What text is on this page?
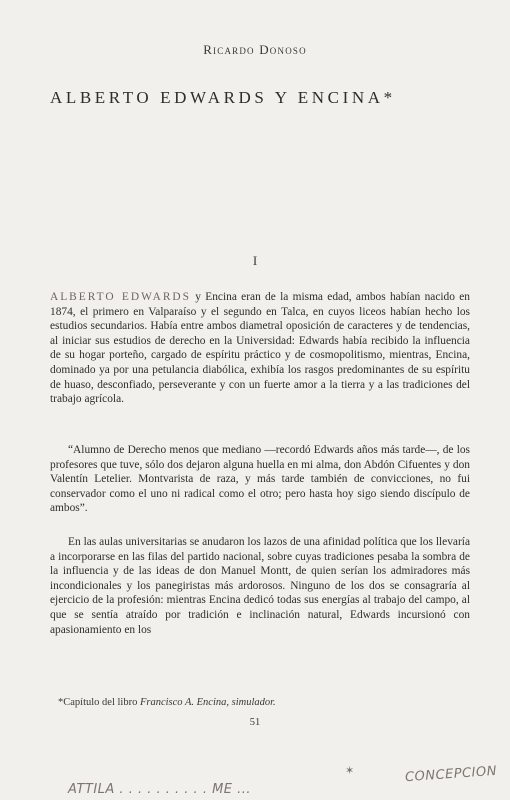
Ricardo Donoso
ALBERTO EDWARDS Y ENCINA*
I
ALBERTO EDWARDS y Encina eran de la misma edad, ambos habían nacido en 1874, el primero en Valparaíso y el segundo en Talca, en cuyos liceos habían hecho los estudios secundarios. Había entre ambos diametral oposición de caracteres y de tendencias, al iniciar sus estudios de derecho en la Universidad: Edwards había recibido la influencia de su hogar porteño, cargado de espíritu práctico y de cosmopolitismo, mientras, Encina, dominado ya por una petulancia diabólica, exhibía los rasgos predominantes de su espíritu de huaso, desconfiado, perseverante y con un fuerte amor a la tierra y a las tradiciones del trabajo agrícola.
“Alumno de Derecho menos que mediano —recordó Edwards años más tarde—, de los profesores que tuve, sólo dos dejaron alguna huella en mi alma, don Abdón Cifuentes y don Valentín Letelier. Montvarista de raza, y más tarde también de convicciones, no fui conservador como el uno ni radical como el otro; pero hasta hoy sigo siendo discípulo de ambos”.
En las aulas universitarias se anudaron los lazos de una afinidad política que los llevaría a incorporarse en las filas del partido nacional, sobre cuyas tradiciones pesaba la sombra de la influencia y de las ideas de don Manuel Montt, de quien serían los admiradores más incondicionales y los panegiristas más ardorosos. Ninguno de los dos se consagraría al ejercicio de la profesión: mientras Encina dedicó todas sus energías al trabajo del campo, al que se sentía atraído por tradición e inclinación natural, Edwards incursionó con apasionamiento en los
*Capítulo del libro Francisco A. Encina, simulador.
51
ATTILA . . . . . . . . . . ME ...
✶	CONCEPCION
